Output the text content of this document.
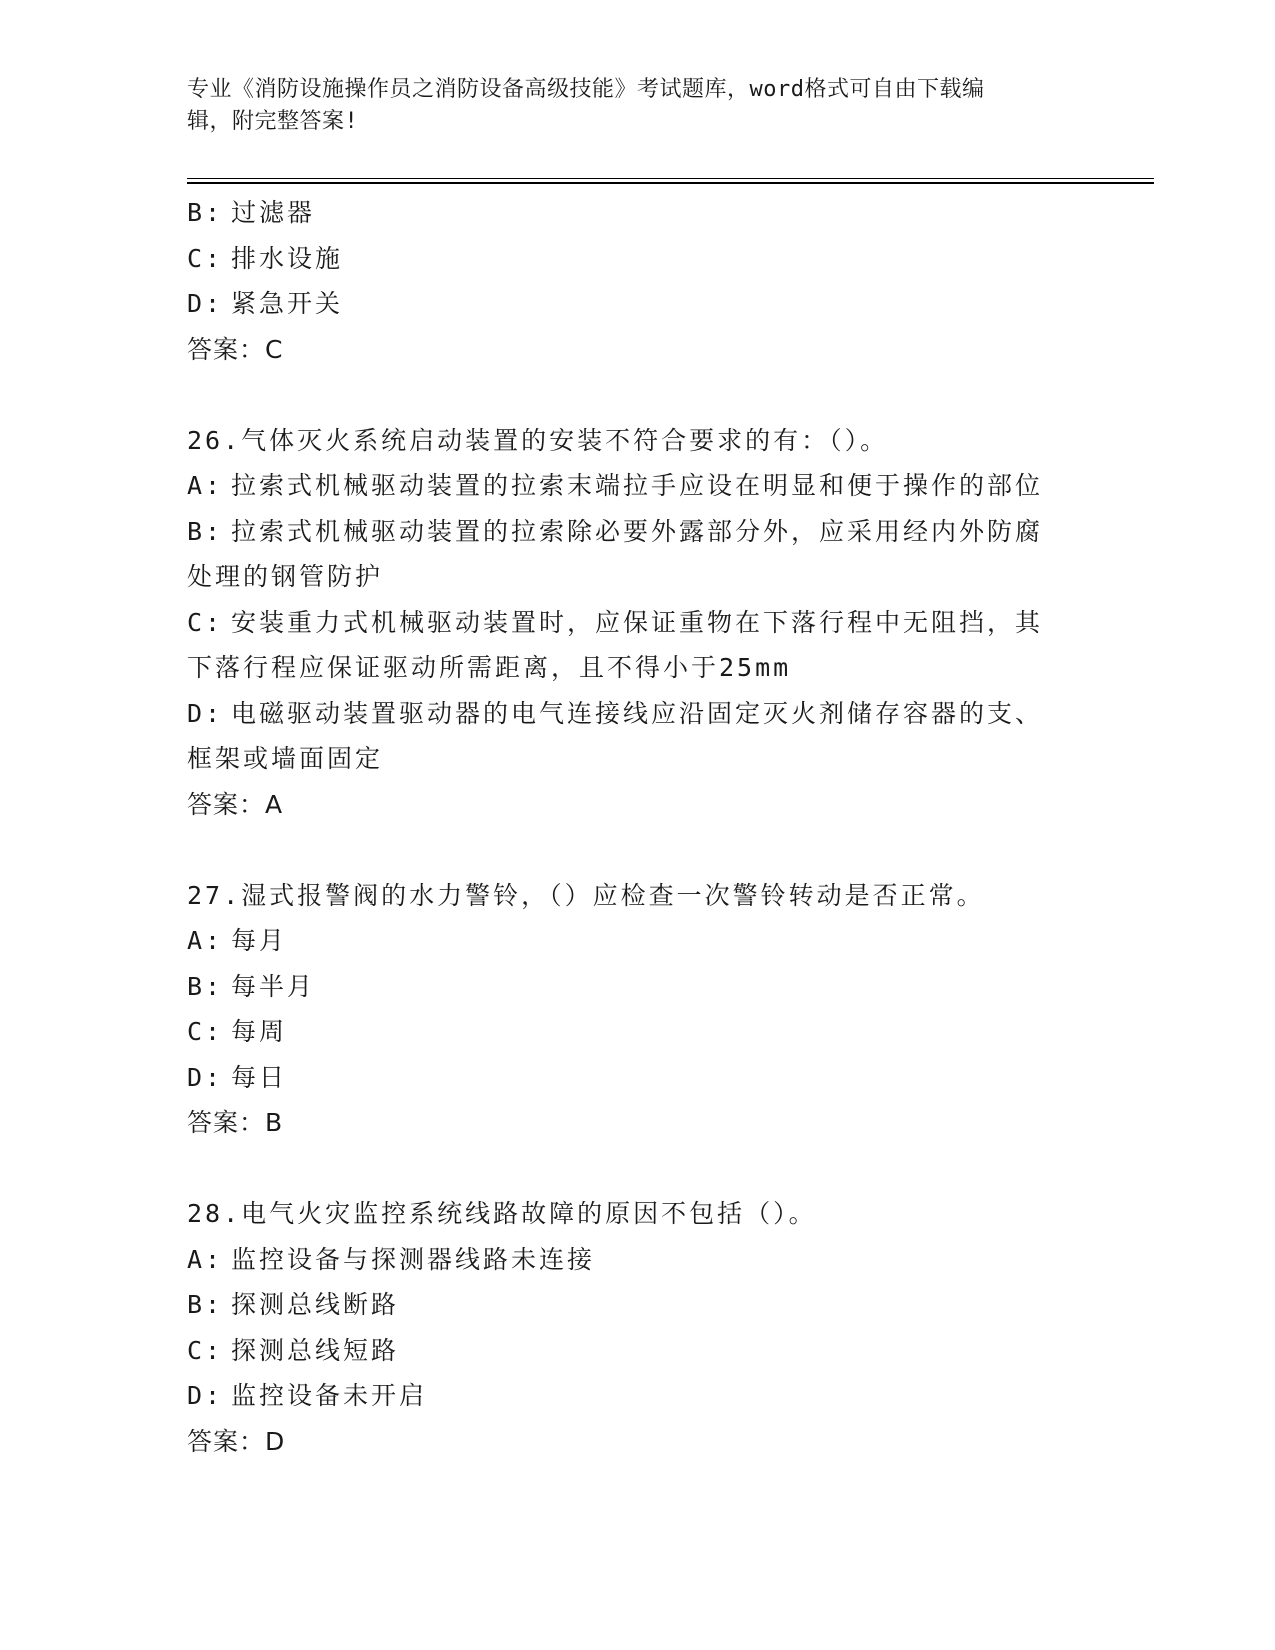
专业《消防设施操作员之消防设备高级技能》考试题库，word格式可自由下载编
辑，附完整答案!
B: 过滤器
C: 排水设施
D: 紧急开关
答案：C
26.气体灭火系统启动装置的安装不符合要求的有：（）。
A: 拉索式机械驱动装置的拉索末端拉手应设在明显和便于操作的部位
B: 拉索式机械驱动装置的拉索除必要外露部分外，应采用经内外防腐
处理的钢管防护
C: 安装重力式机械驱动装置时，应保证重物在下落行程中无阻挡，其
下落行程应保证驱动所需距离，且不得小于25mm
D: 电磁驱动装置驱动器的电气连接线应沿固定灭火剂储存容器的支、
框架或墙面固定
答案：A
27.湿式报警阀的水力警铃，（）应检查一次警铃转动是否正常。
A: 每月
B: 每半月
C: 每周
D: 每日
答案：B
28.电气火灾监控系统线路故障的原因不包括（）。
A: 监控设备与探测器线路未连接
B: 探测总线断路
C: 探测总线短路
D: 监控设备未开启
答案：D
